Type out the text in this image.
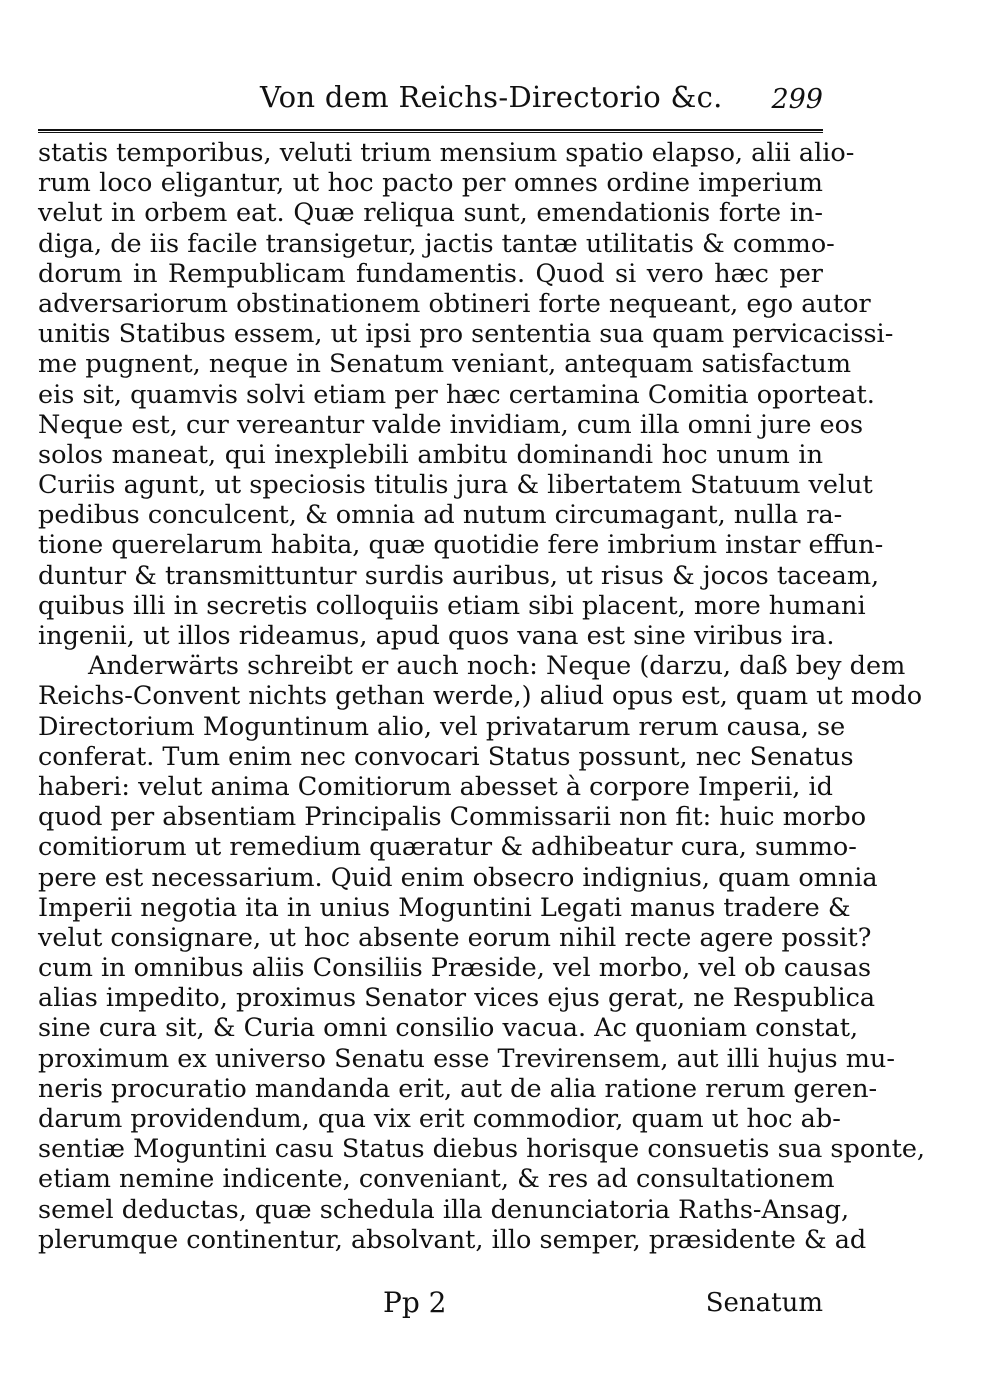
Von dem Reichs-Directorio &c. 299
statis temporibus, veluti trium mensium spatio elapso, alii alio-
rum loco eligantur, ut hoc pacto per omnes ordine imperium
velut in orbem eat. Quæ reliqua sunt, emendationis forte in-
diga, de iis facile transigetur, jactis tantæ utilitatis & commo-
dorum in Rempublicam fundamentis. Quod si vero hæc per
adversariorum obstinationem obtineri forte nequeant, ego autor
unitis Statibus essem, ut ipsi pro sententia sua quam pervicacissi-
me pugnent, neque in Senatum veniant, antequam satisfactum
eis sit, quamvis solvi etiam per hæc certamina Comitia oporteat.
Neque est, cur vereantur valde invidiam, cum illa omni jure eos
solos maneat, qui inexplebili ambitu dominandi hoc unum in
Curiis agunt, ut speciosis titulis jura & libertatem Statuum velut
pedibus conculcent, & omnia ad nutum circumagant, nulla ra-
tione querelarum habita, quæ quotidie fere imbrium instar effun-
duntur & transmittuntur surdis auribus, ut risus & jocos taceam,
quibus illi in secretis colloquiis etiam sibi placent, more humani
ingenii, ut illos rideamus, apud quos vana est sine viribus ira.
Anderwärts schreibt er auch noch: Neque (darzu, daß bey dem
Reichs-Convent nichts gethan werde,) aliud opus est, quam ut modo
Directorium Moguntinum alio, vel privatarum rerum causa, se
conferat. Tum enim nec convocari Status possunt, nec Senatus
haberi: velut anima Comitiorum abesset à corpore Imperii, id
quod per absentiam Principalis Commissarii non fit: huic morbo
comitiorum ut remedium quæratur & adhibeatur cura, summo-
pere est necessarium. Quid enim obsecro indignius, quam omnia
Imperii negotia ita in unius Moguntini Legati manus tradere &
velut consignare, ut hoc absente eorum nihil recte agere possit?
cum in omnibus aliis Consiliis Præside, vel morbo, vel ob causas
alias impedito, proximus Senator vices ejus gerat, ne Respublica
sine cura sit, & Curia omni consilio vacua. Ac quoniam constat,
proximum ex universo Senatu esse Trevirensem, aut illi hujus mu-
neris procuratio mandanda erit, aut de alia ratione rerum geren-
darum providendum, qua vix erit commodior, quam ut hoc ab-
sentiæ Moguntini casu Status diebus horisque consuetis sua sponte,
etiam nemine indicente, conveniant, & res ad consultationem
semel deductas, quæ schedula illa denunciatoria Raths-Ansag,
plerumque continentur, absolvant, illo semper, præsidente & ad
Pp 2	Senatum
